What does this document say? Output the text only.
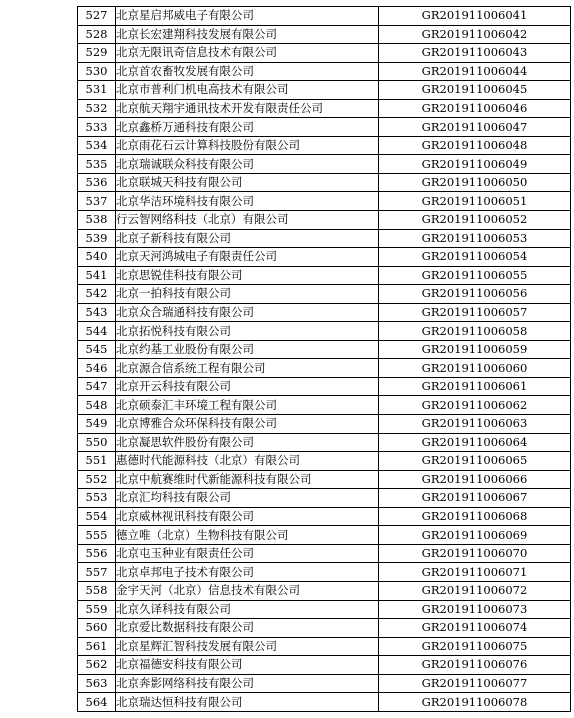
527	北京星启邦威电子有限公司	GR201911006041
528	北京长宏建翔科技发展有限公司	GR201911006042
529	北京无限讯奇信息技术有限公司	GR201911006043
530	北京首农畜牧发展有限公司	GR201911006044
531	北京市普利门机电高技术有限公司	GR201911006045
532	北京航天翔宇通讯技术开发有限责任公司	GR201911006046
533	北京鑫桥万通科技有限公司	GR201911006047
534	北京雨花石云计算科技股份有限公司	GR201911006048
535	北京瑞诚联众科技有限公司	GR201911006049
536	北京联城天科技有限公司	GR201911006050
537	北京华洁环境科技有限公司	GR201911006051
538	行云智网络科技（北京）有限公司	GR201911006052
539	北京子新科技有限公司	GR201911006053
540	北京天河鸿城电子有限责任公司	GR201911006054
541	北京思锐佳科技有限公司	GR201911006055
542	北京一拍科技有限公司	GR201911006056
543	北京众合瑞通科技有限公司	GR201911006057
544	北京拓悦科技有限公司	GR201911006058
545	北京约基工业股份有限公司	GR201911006059
546	北京源合信系统工程有限公司	GR201911006060
547	北京开云科技有限公司	GR201911006061
548	北京硕泰汇丰环境工程有限公司	GR201911006062
549	北京博雅合众环保科技有限公司	GR201911006063
550	北京凝思软件股份有限公司	GR201911006064
551	惠德时代能源科技（北京）有限公司	GR201911006065
552	北京中航赛维时代新能源科技有限公司	GR201911006066
553	北京汇均科技有限公司	GR201911006067
554	北京威林视讯科技有限公司	GR201911006068
555	德立唯（北京）生物科技有限公司	GR201911006069
556	北京屯玉种业有限责任公司	GR201911006070
557	北京卓邦电子技术有限公司	GR201911006071
558	金宇天河（北京）信息技术有限公司	GR201911006072
559	北京久译科技有限公司	GR201911006073
560	北京爱比数据科技有限公司	GR201911006074
561	北京星辉汇智科技发展有限公司	GR201911006075
562	北京福德安科技有限公司	GR201911006076
563	北京奔影网络科技有限公司	GR201911006077
564	北京瑞达恒科技有限公司	GR201911006078
